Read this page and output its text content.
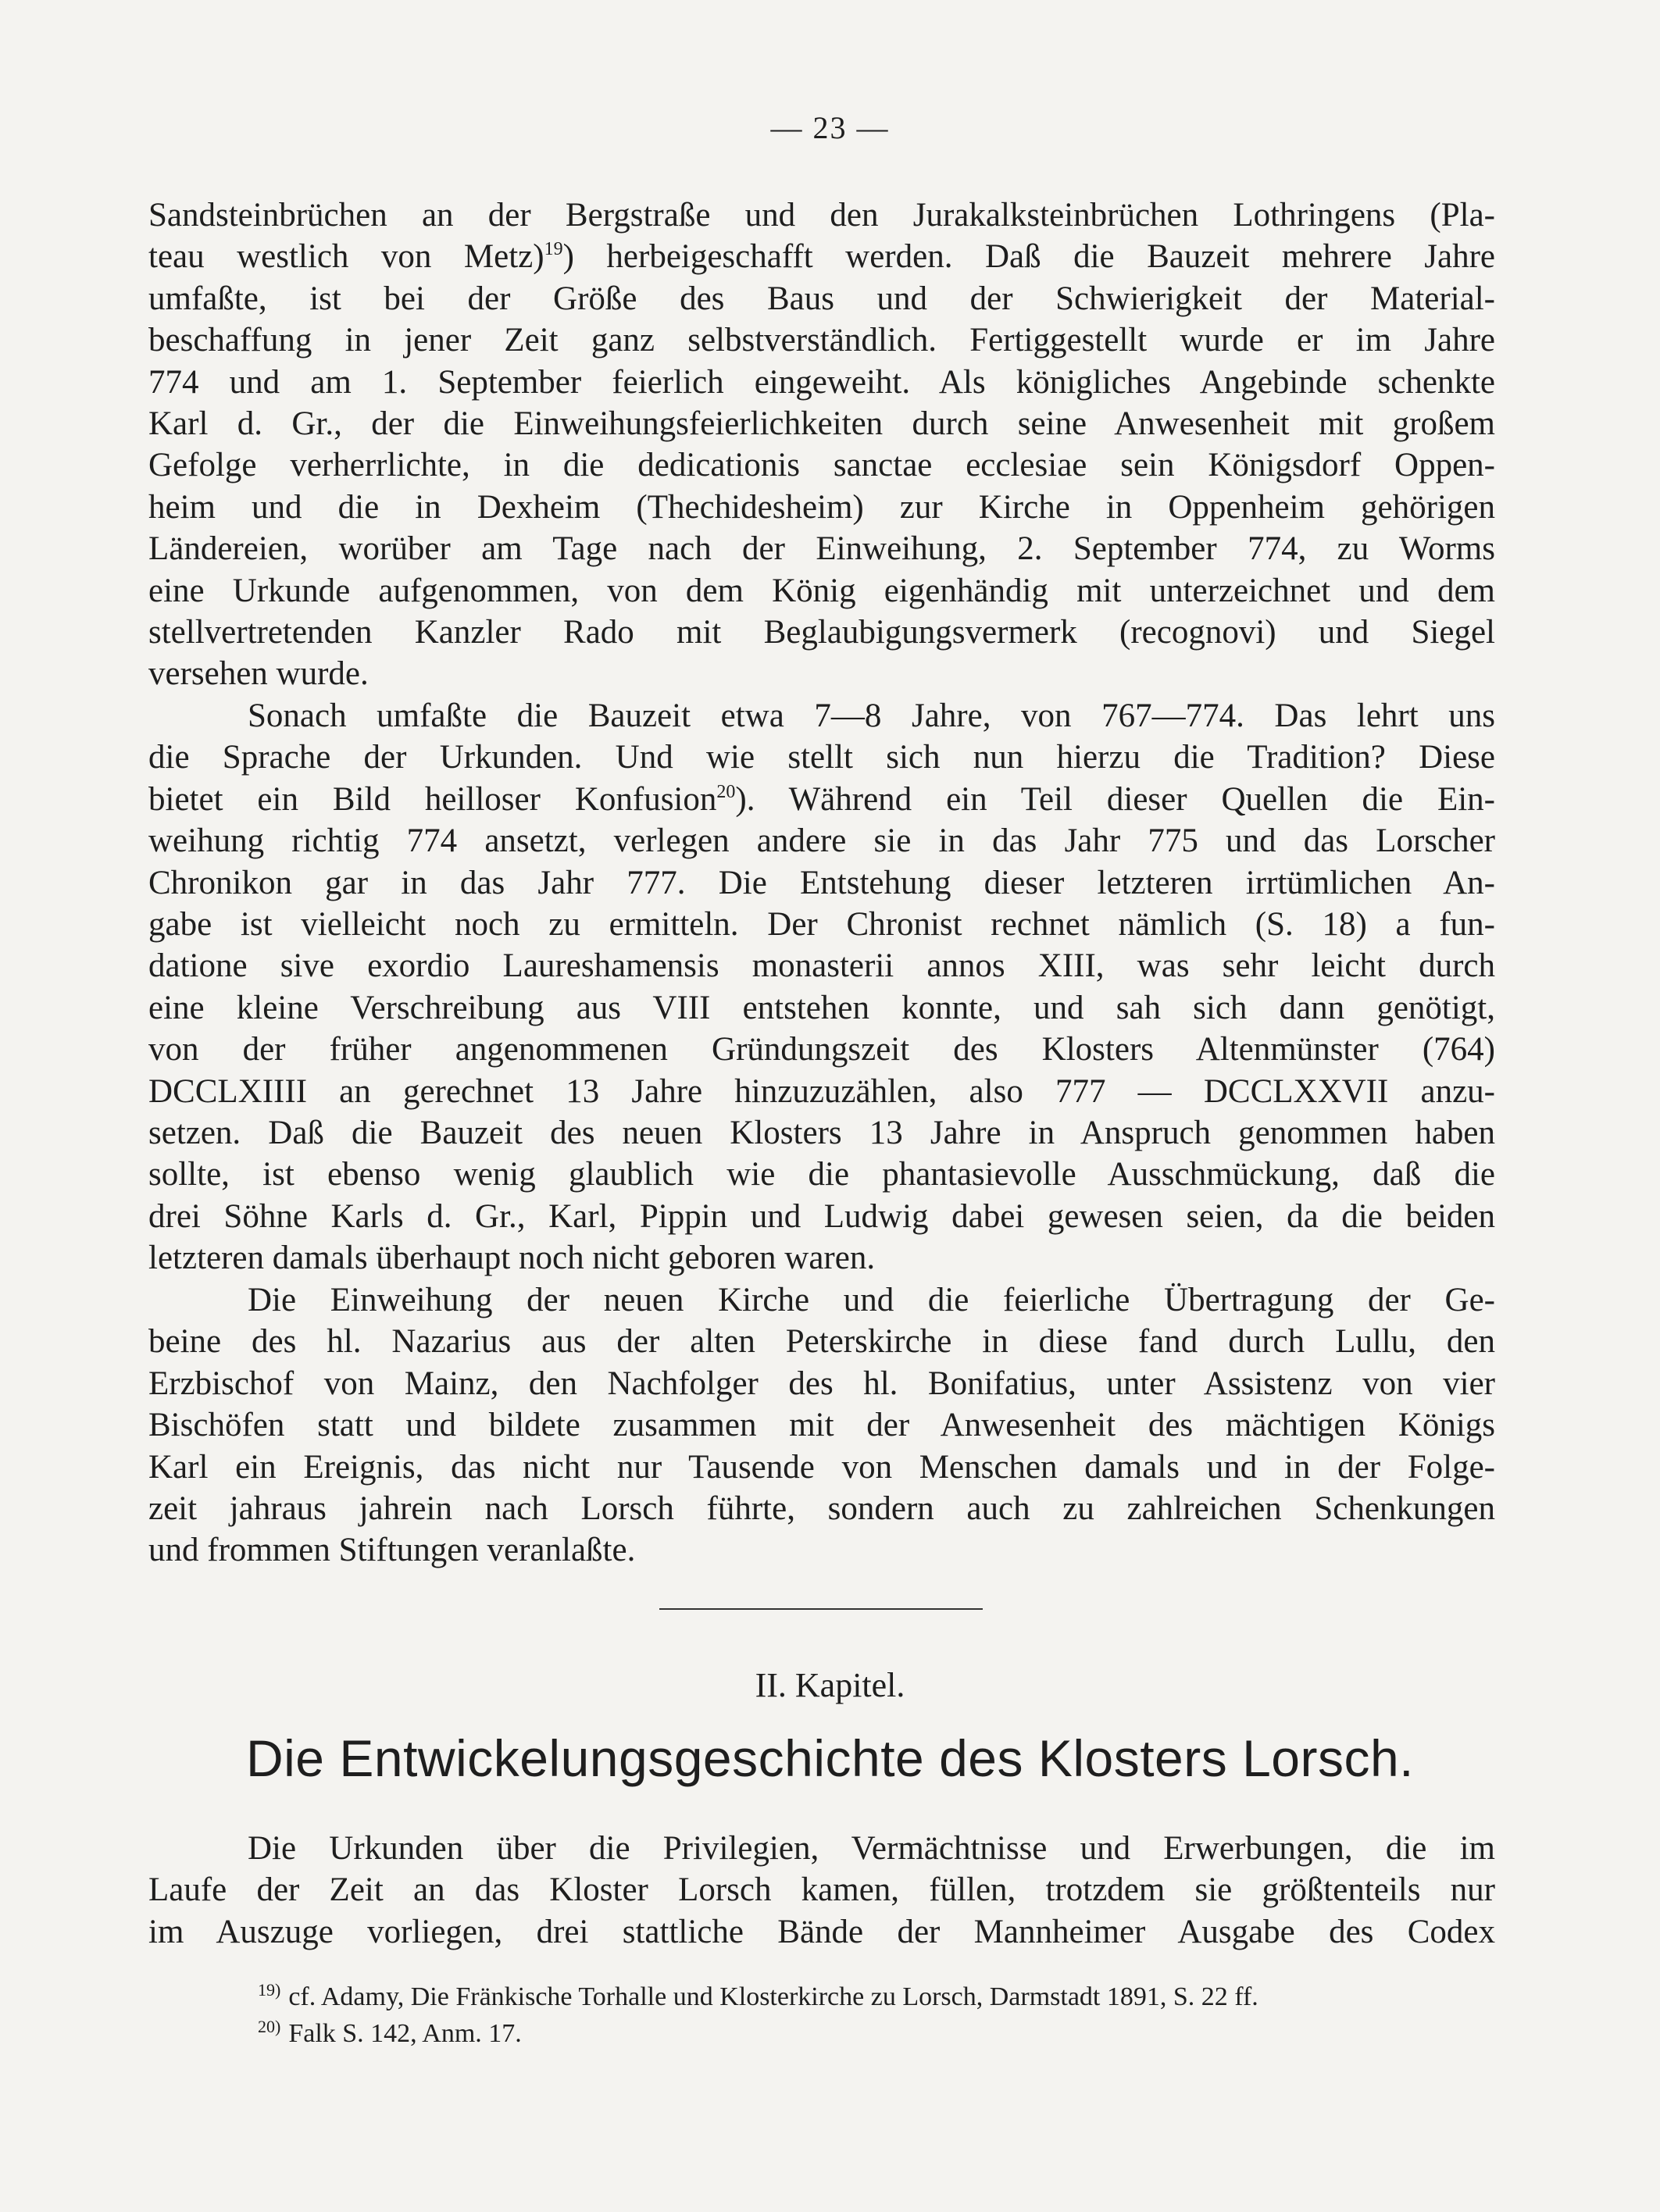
— 23 —
Sandsteinbrüchen an der Bergstraße und den Jurakalksteinbrüchen Lothringens (Pla-
teau westlich von Metz)$^{19}$) herbeigeschafft werden. Daß die Bauzeit mehrere Jahre
umfaßte, ist bei der Größe des Baus und der Schwierigkeit der Material-
beschaffung in jener Zeit ganz selbstverständlich. Fertiggestellt wurde er im Jahre
774 und am 1. September feierlich eingeweiht. Als königliches Angebinde schenkte
Karl d. Gr., der die Einweihungsfeierlichkeiten durch seine Anwesenheit mit großem
Gefolge verherrlichte, in die dedicationis sanctae ecclesiae sein Königsdorf Oppen-
heim und die in Dexheim (Thechidesheim) zur Kirche in Oppenheim gehörigen
Ländereien, worüber am Tage nach der Einweihung, 2. September 774, zu Worms
eine Urkunde aufgenommen, von dem König eigenhändig mit unterzeichnet und dem
stellvertretenden Kanzler Rado mit Beglaubigungsvermerk (recognovi) und Siegel
versehen wurde.
Sonach umfaßte die Bauzeit etwa 7—8 Jahre, von 767—774. Das lehrt uns
die Sprache der Urkunden. Und wie stellt sich nun hierzu die Tradition? Diese
bietet ein Bild heilloser Konfusion$^{20}$). Während ein Teil dieser Quellen die Ein-
weihung richtig 774 ansetzt, verlegen andere sie in das Jahr 775 und das Lorscher
Chronikon gar in das Jahr 777. Die Entstehung dieser letzteren irrtümlichen An-
gabe ist vielleicht noch zu ermitteln. Der Chronist rechnet nämlich (S. 18) a fun-
datione sive exordio Laureshamensis monasterii annos XIII, was sehr leicht durch
eine kleine Verschreibung aus VIII entstehen konnte, und sah sich dann genötigt,
von der früher angenommenen Gründungszeit des Klosters Altenmünster (764)
DCCLXIIII an gerechnet 13 Jahre hinzuzuzählen, also 777 — DCCLXXVII anzu-
setzen. Daß die Bauzeit des neuen Klosters 13 Jahre in Anspruch genommen haben
sollte, ist ebenso wenig glaublich wie die phantasievolle Ausschmückung, daß die
drei Söhne Karls d. Gr., Karl, Pippin und Ludwig dabei gewesen seien, da die beiden
letzteren damals überhaupt noch nicht geboren waren.
Die Einweihung der neuen Kirche und die feierliche Übertragung der Ge-
beine des hl. Nazarius aus der alten Peterskirche in diese fand durch Lullu, den
Erzbischof von Mainz, den Nachfolger des hl. Bonifatius, unter Assistenz von vier
Bischöfen statt und bildete zusammen mit der Anwesenheit des mächtigen Königs
Karl ein Ereignis, das nicht nur Tausende von Menschen damals und in der Folge-
zeit jahraus jahrein nach Lorsch führte, sondern auch zu zahlreichen Schenkungen
und frommen Stiftungen veranlaßte.
II. Kapitel.
Die Entwickelungsgeschichte des Klosters Lorsch.
Die Urkunden über die Privilegien, Vermächtnisse und Erwerbungen, die im
Laufe der Zeit an das Kloster Lorsch kamen, füllen, trotzdem sie größtenteils nur
im Auszuge vorliegen, drei stattliche Bände der Mannheimer Ausgabe des Codex
$^{19)}$ cf. Adamy, Die Fränkische Torhalle und Klosterkirche zu Lorsch, Darmstadt 1891, S. 22 ff.
$^{20)}$ Falk S. 142, Anm. 17.
